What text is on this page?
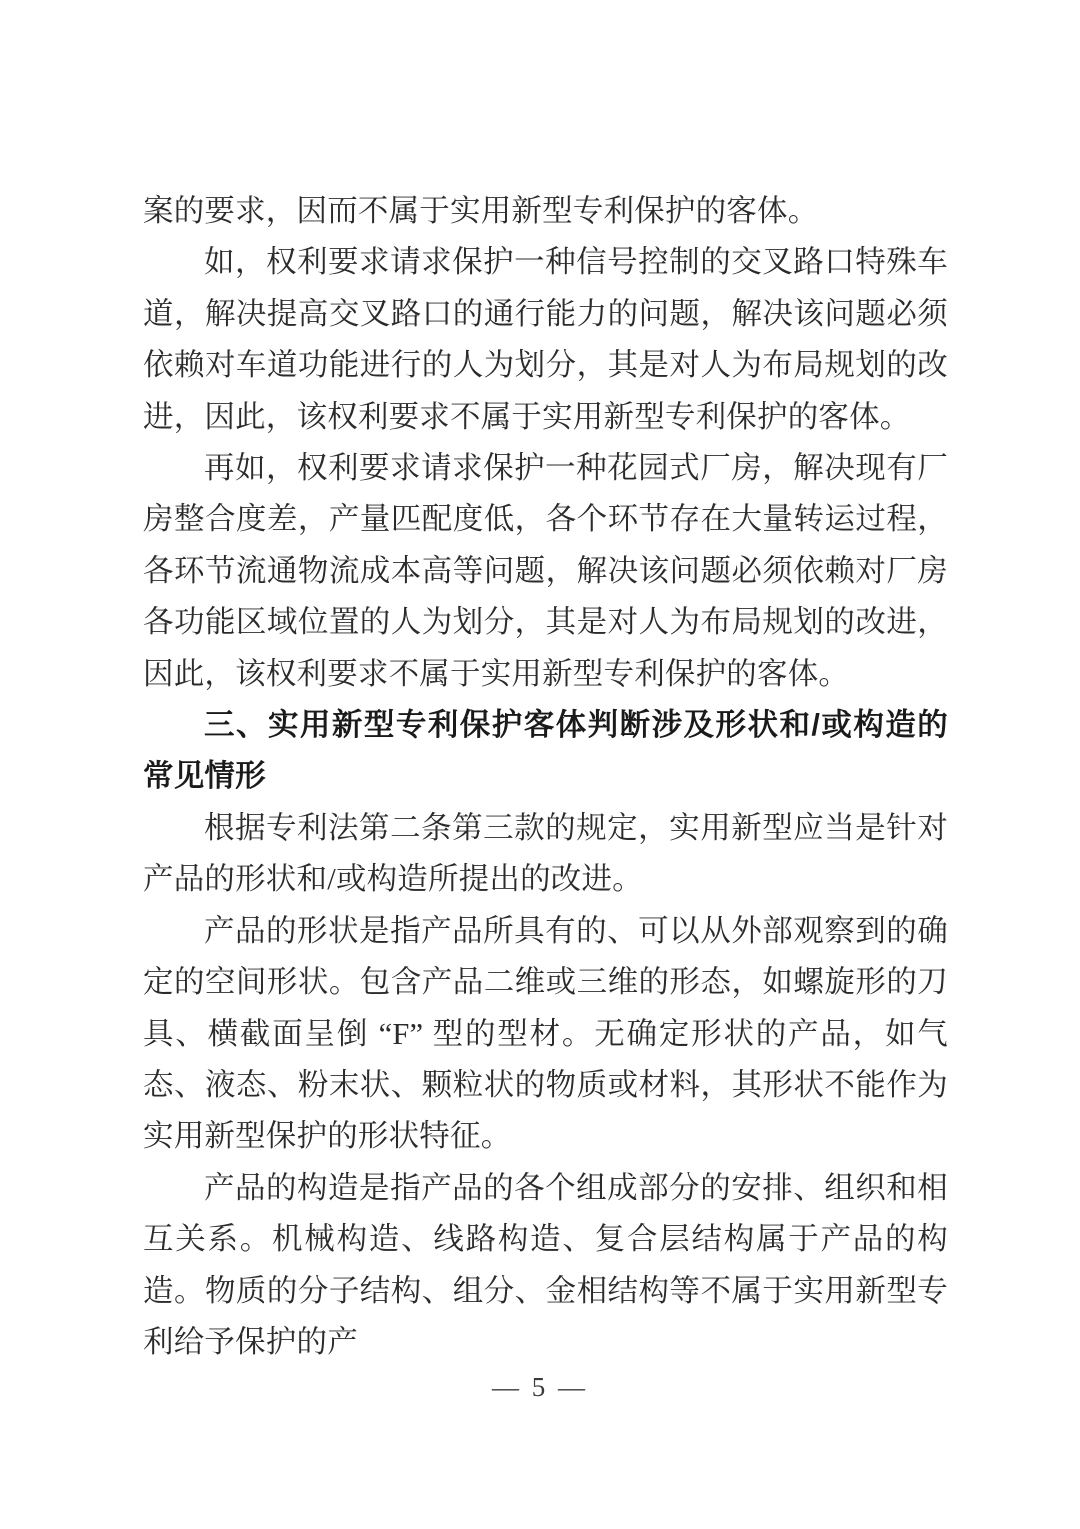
案的要求，因而不属于实用新型专利保护的客体。

如，权利要求请求保护一种信号控制的交叉路口特殊车道，解决提高交叉路口的通行能力的问题，解决该问题必须依赖对车道功能进行的人为划分，其是对人为布局规划的改进，因此，该权利要求不属于实用新型专利保护的客体。

再如，权利要求请求保护一种花园式厂房，解决现有厂房整合度差，产量匹配度低，各个环节存在大量转运过程，各环节流通物流成本高等问题，解决该问题必须依赖对厂房各功能区域位置的人为划分，其是对人为布局规划的改进，因此，该权利要求不属于实用新型专利保护的客体。

三、实用新型专利保护客体判断涉及形状和/或构造的常见情形

根据专利法第二条第三款的规定，实用新型应当是针对产品的形状和/或构造所提出的改进。

产品的形状是指产品所具有的、可以从外部观察到的确定的空间形状。包含产品二维或三维的形态，如螺旋形的刀具、横截面呈倒 “F” 型的型材。无确定形状的产品，如气态、液态、粉末状、颗粒状的物质或材料，其形状不能作为实用新型保护的形状特征。

产品的构造是指产品的各个组成部分的安排、组织和相互关系。机械构造、线路构造、复合层结构属于产品的构造。物质的分子结构、组分、金相结构等不属于实用新型专利给予保护的产

— 5 —
